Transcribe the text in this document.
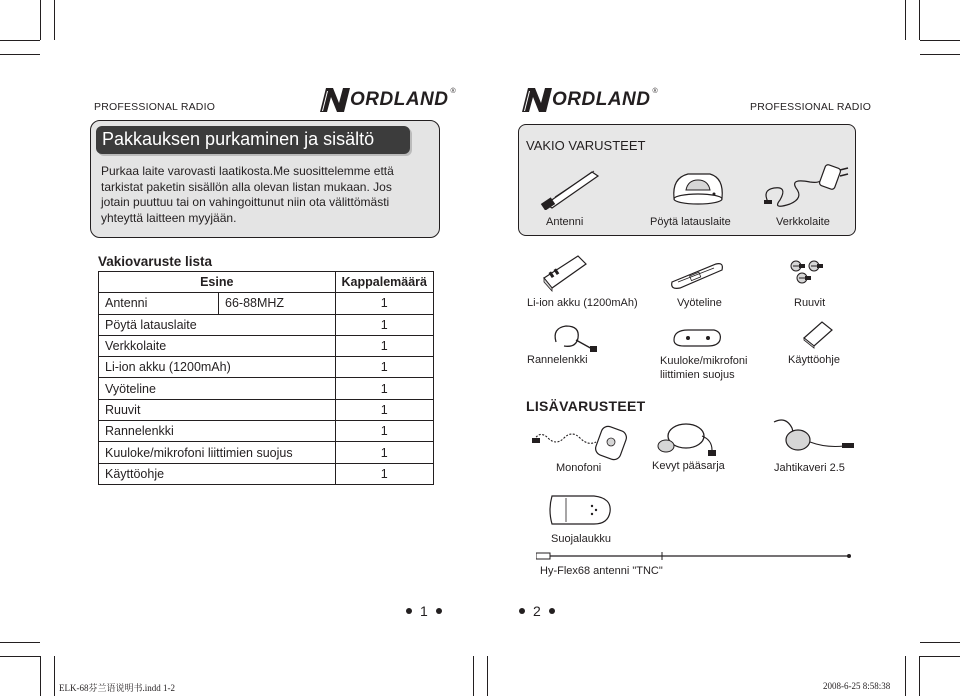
PROFESSIONAL RADIO	ORDLAND ®
Pakkauksen purkaminen ja sisältö
Purkaa laite varovasti laatikosta.Me suosittelemme että
tarkistat paketin sisällön alla olevan listan mukaan. Jos
jotain puuttuu tai on vahingoittunut niin ota välittömästi
yhteyttä laitteen myyjään.
Vakiovaruste lista
Esine		Kappalemäärä
Antenni	66-88MHZ	1
Pöytä latauslaite		1
Verkkolaite		1
Li-ion akku (1200mAh)		1
Vyöteline		1
Ruuvit		1
Rannelenkki		1
Kuuloke/mikrofoni liittimien suojus		1
Käyttöohje		1
1
ORDLAND ®
PROFESSIONAL RADIO
VAKIO VARUSTEET
Antenni	Pöytä latauslaite	Verkkolaite
Li-ion akku (1200mAh)	Vyöteline	Ruuvit
Rannelenkki	Kuuloke/mikrofoni
liittimien suojus
Käyttöohje
LISÄVARUSTEET
Monofoni	Kevyt pääsarja	Jahtikaveri 2.5
Suojalaukku
Hy-Flex68 antenni "TNC"
2
ELK-68芬兰语说明书.indd 1-2	2008-6-25 8:58:38
